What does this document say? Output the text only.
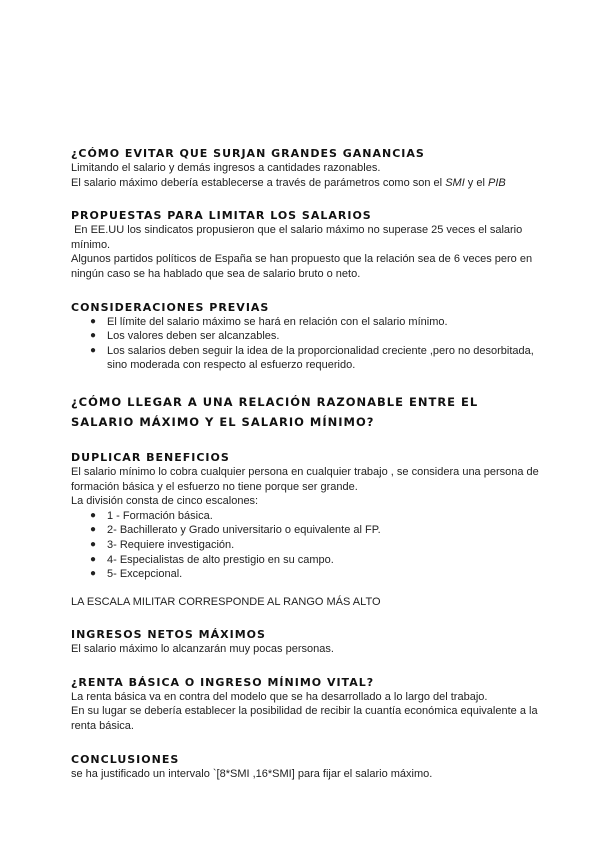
¿CÓMO EVITAR QUE SURJAN GRANDES GANANCIAS

Limitando el salario y demás ingresos a cantidades razonables.

El salario máximo debería establecerse a través de parámetros como son el SMI y el PIB

PROPUESTAS PARA LIMITAR LOS SALARIOS

En EE.UU los sindicatos propusieron que el salario máximo no superase 25 veces el salario mínimo.

Algunos partidos políticos de España se han propuesto que la relación sea de 6 veces pero en ningún caso se ha hablado que sea de salario bruto o neto.

CONSIDERACIONES PREVIAS
● El límite del salario máximo se hará en relación con el salario mínimo.
● Los valores deben ser alcanzables.
● Los salarios deben seguir la idea de la proporcionalidad creciente ,pero no desorbitada, sino moderada con respecto al esfuerzo requerido.
¿CÓMO LLEGAR A UNA RELACIÓN RAZONABLE ENTRE EL SALARIO MÁXIMO Y EL SALARIO MÍNIMO?
DUPLICAR BENEFICIOS

El salario mínimo lo cobra cualquier persona en cualquier trabajo , se considera una persona de formación básica y el esfuerzo no tiene porque ser grande.

La división consta de cinco escalones:

● 1 - Formación básica.
● 2- Bachillerato y Grado universitario o equivalente al FP.
● 3- Requiere investigación.
● 4- Especialistas de alto prestigio en su campo.
● 5- Excepcional.

LA ESCALA MILITAR CORRESPONDE AL RANGO MÁS ALTO

INGRESOS NETOS MÁXIMOS

El salario máximo lo alcanzarán muy pocas personas.

¿RENTA BÁSICA O INGRESO MÍNIMO VITAL?

La renta básica va en contra del modelo que se ha desarrollado a lo largo del trabajo.

En su lugar se debería establecer la posibilidad de recibir la cuantía económica equivalente a la renta básica.

CONCLUSIONES

se ha justificado un intervalo `[8*SMI ,16*SMI] para fijar el salario máximo.
